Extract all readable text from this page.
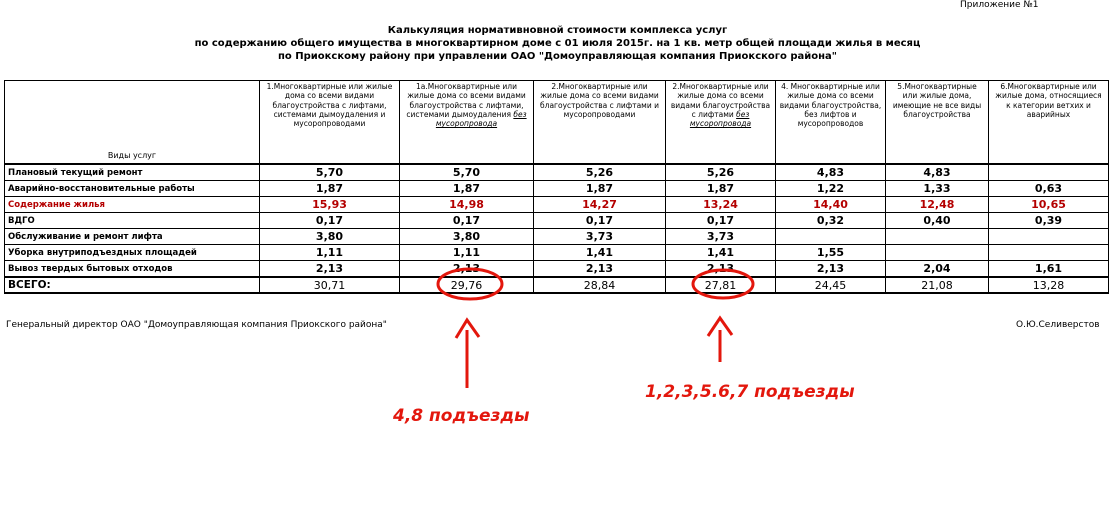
Приложение №1
Калькуляция нормативновной стоимости комплекса услуг
по содержанию общего имущества в многоквартирном доме с 01 июля 2015г. на 1 кв. метр общей площади жилья в месяц
по Приокскому району при управлении ОАО "Домоуправляющая компания Приокского района"
Виды услуг	1.Многоквартирные или жилые дома со всеми видами благоустройства с лифтами, системами дымоудаления и мусоропроводами	1а.Многоквартирные или жилые дома со всеми видами благоустройства с лифтами, системами дымоудаления без мусоропровода	2.Многоквартирные или жилые дома со всеми видами благоустройства с лифтами и мусоропроводами	2.Многоквартирные или жилые дома со всеми видами благоустройства с лифтами без мусоропровода	4. Многоквартирные или жилые дома со всеми видами благоустройства, без лифтов и мусоропроводов	5.Многоквартирные или жилые дома, имеющие не все виды благоустройства	6.Многоквартирные или жилые дома, относящиеся к категории ветхих и аварийных
Плановый текущий ремонт	5,70	5,70	5,26	5,26	4,83	4,83	
Аварийно-восстановительные работы	1,87	1,87	1,87	1,87	1,22	1,33	0,63
Содержание жилья	15,93	14,98	14,27	13,24	14,40	12,48	10,65
ВДГО	0,17	0,17	0,17	0,17	0,32	0,40	0,39
Обслуживание и ремонт лифта	3,80	3,80	3,73	3,73			
Уборка внутриподъездных площадей	1,11	1,11	1,41	1,41	1,55		
Вывоз твердых бытовых отходов	2,13	2,13	2,13	2,13	2,13	2,04	1,61
ВСЕГО:	30,71	29,76	28,84	27,81	24,45	21,08	13,28
Генеральный директор ОАО "Домоуправляющая компания Приокского района"	О.Ю.Селиверстов
4,8 подъезды
1,2,3,5.6,7 подъезды
